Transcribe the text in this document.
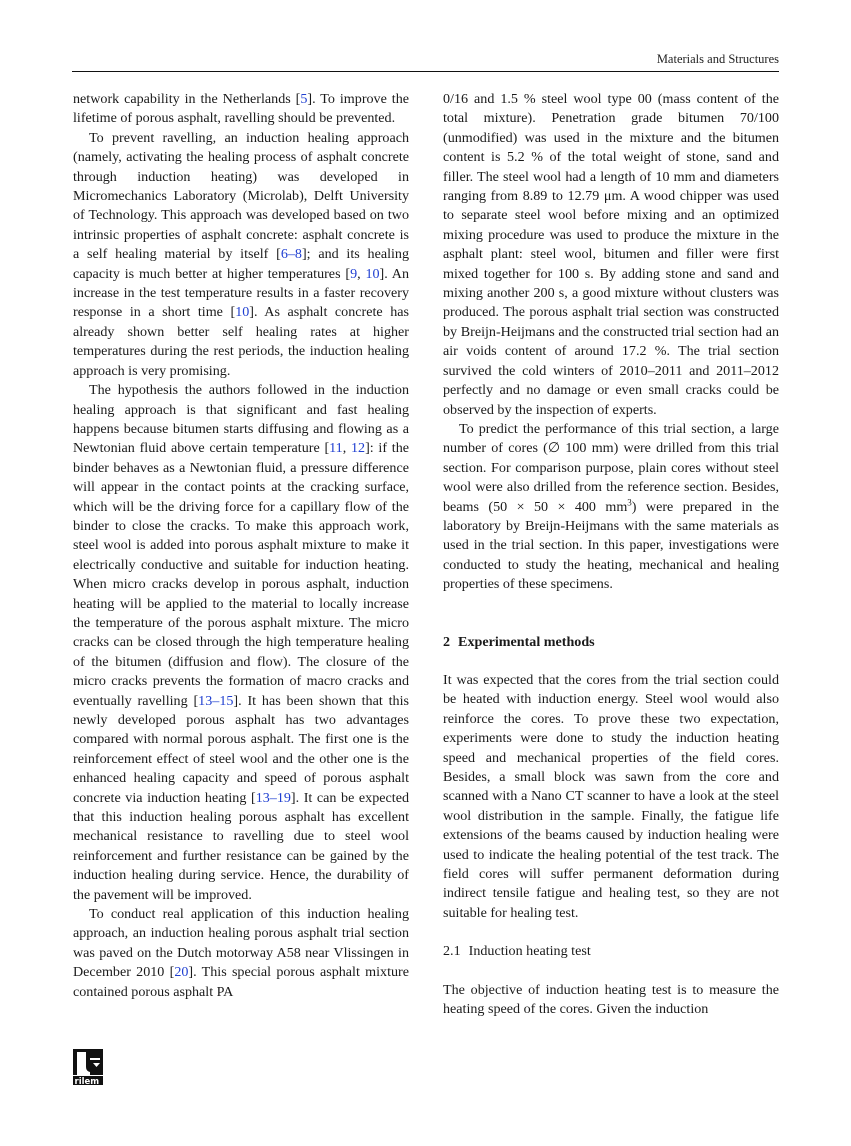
Materials and Structures

network capability in the Netherlands [5]. To improve the lifetime of porous asphalt, ravelling should be prevented.

To prevent ravelling, an induction healing approach (namely, activating the healing process of asphalt concrete through induction heating) was developed in Micromechanics Laboratory (Microlab), Delft University of Technology. This approach was developed based on two intrinsic properties of asphalt concrete: asphalt concrete is a self healing material by itself [6–8]; and its healing capacity is much better at higher temperatures [9, 10]. An increase in the test temperature results in a faster recovery response in a short time [10]. As asphalt concrete has already shown better self healing rates at higher temperatures during the rest periods, the induction healing approach is very promising.

The hypothesis the authors followed in the induction healing approach is that significant and fast healing happens because bitumen starts diffusing and flowing as a Newtonian fluid above certain temperature [11, 12]: if the binder behaves as a Newtonian fluid, a pressure difference will appear in the contact points at the cracking surface, which will be the driving force for a capillary flow of the binder to close the cracks. To make this approach work, steel wool is added into porous asphalt mixture to make it electrically conductive and suitable for induction heating. When micro cracks develop in porous asphalt, induction heating will be applied to the material to locally increase the temperature of the porous asphalt mixture. The micro cracks can be closed through the high temperature healing of the bitumen (diffusion and flow). The closure of the micro cracks prevents the formation of macro cracks and eventually ravelling [13–15]. It has been shown that this newly developed porous asphalt has two advantages compared with normal porous asphalt. The first one is the reinforcement effect of steel wool and the other one is the enhanced healing capacity and speed of porous asphalt concrete via induction heating [13–19]. It can be expected that this induction healing porous asphalt has excellent mechanical resistance to ravelling due to steel wool reinforcement and further resistance can be gained by the induction healing during service. Hence, the durability of the pavement will be improved.

To conduct real application of this induction healing approach, an induction healing porous asphalt trial section was paved on the Dutch motorway A58 near Vlissingen in December 2010 [20]. This special porous asphalt mixture contained porous asphalt PA

0/16 and 1.5 % steel wool type 00 (mass content of the total mixture). Penetration grade bitumen 70/100 (unmodified) was used in the mixture and the bitumen content is 5.2 % of the total weight of stone, sand and filler. The steel wool had a length of 10 mm and diameters ranging from 8.89 to 12.79 μm. A wood chipper was used to separate steel wool before mixing and an optimized mixing procedure was used to produce the mixture in the asphalt plant: steel wool, bitumen and filler were first mixed together for 100 s. By adding stone and sand and mixing another 200 s, a good mixture without clusters was produced. The porous asphalt trial section was constructed by Breijn-Heijmans and the constructed trial section had an air voids content of around 17.2 %. The trial section survived the cold winters of 2010–2011 and 2011–2012 perfectly and no damage or even small cracks could be observed by the inspection of experts.

To predict the performance of this trial section, a large number of cores (∅ 100 mm) were drilled from this trial section. For comparison purpose, plain cores without steel wool were also drilled from the reference section. Besides, beams (50 × 50 × 400 $mm^3$) were prepared in the laboratory by Breijn-Heijmans with the same materials as used in the trial section. In this paper, investigations were conducted to study the heating, mechanical and healing properties of these specimens.

2 Experimental methods

It was expected that the cores from the trial section could be heated with induction energy. Steel wool would also reinforce the cores. To prove these two expectation, experiments were done to study the induction heating speed and mechanical properties of the field cores. Besides, a small block was sawn from the core and scanned with a Nano CT scanner to have a look at the steel wool distribution in the sample. Finally, the fatigue life extensions of the beams caused by induction healing were used to indicate the healing potential of the test track. The field cores will suffer permanent deformation during indirect tensile fatigue and healing test, so they are not suitable for healing test.

2.1 Induction heating test

The objective of induction heating test is to measure the heating speed of the cores. Given the induction

rilem
